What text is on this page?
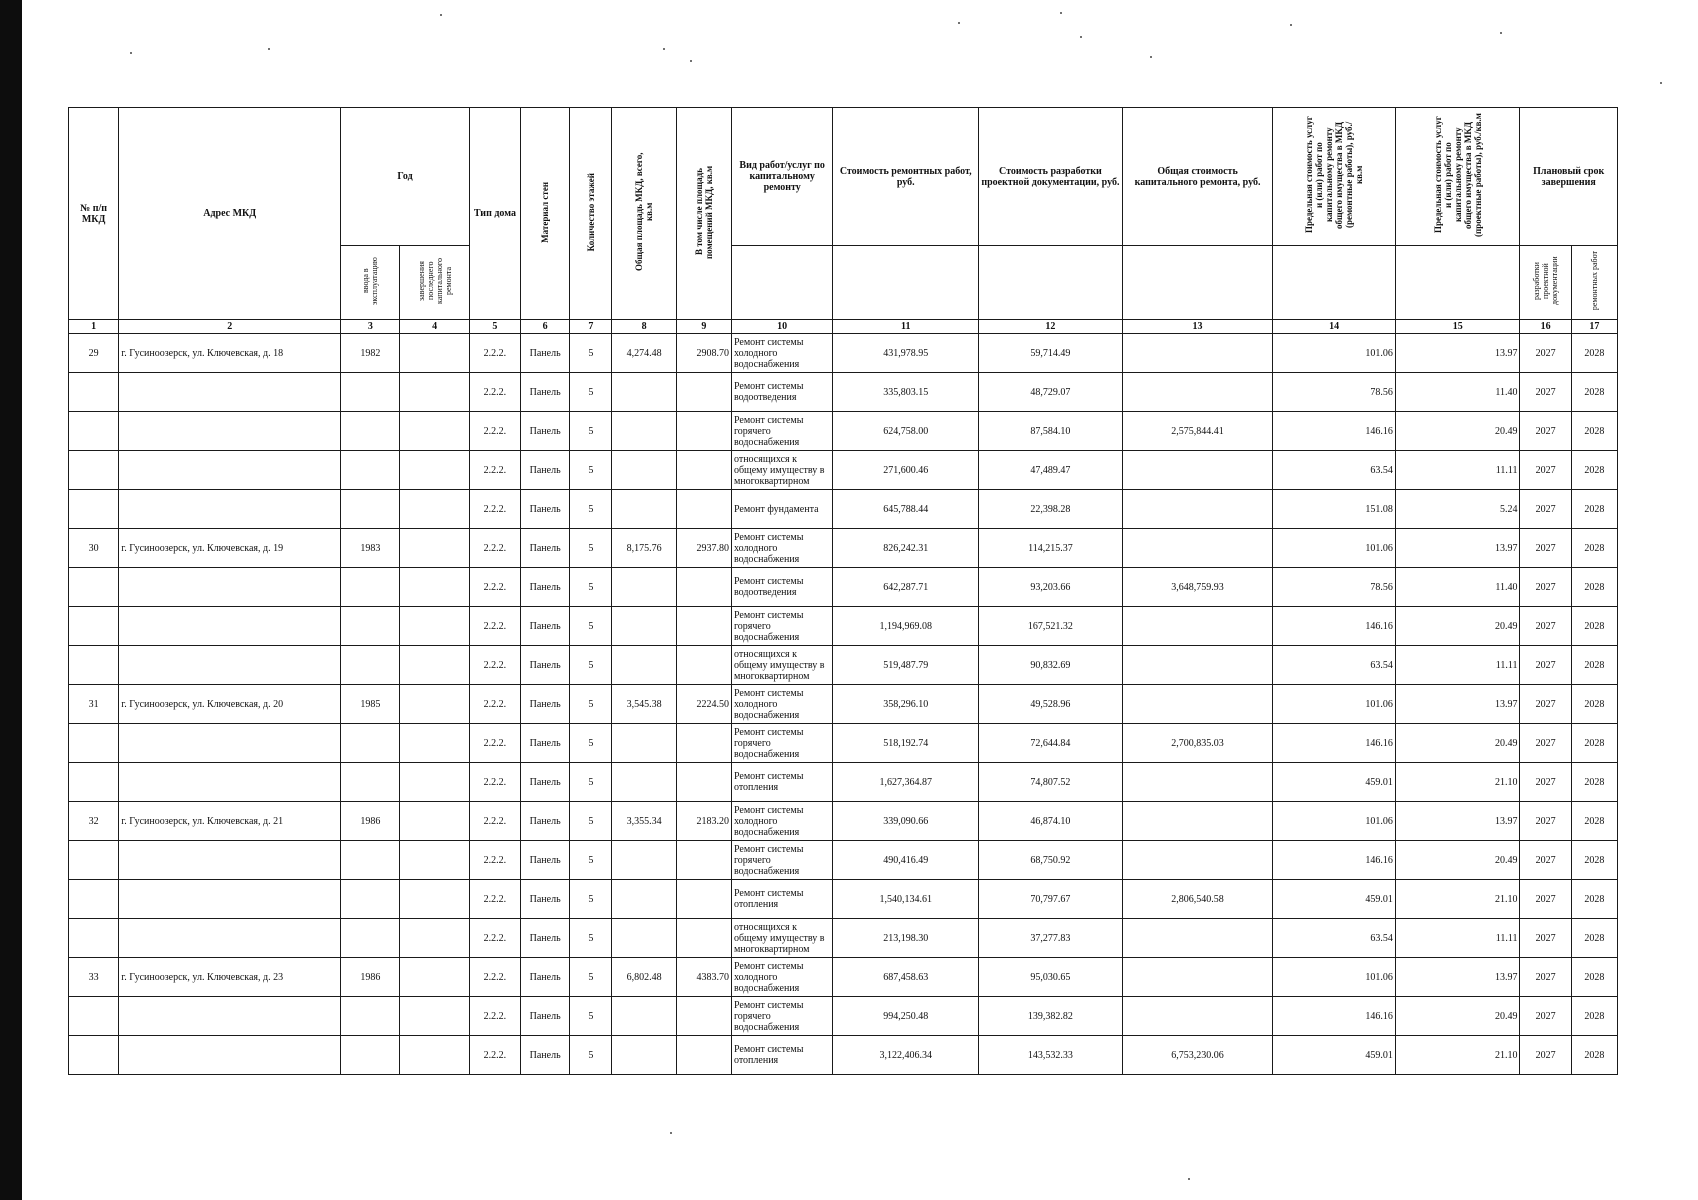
№ п/п МКД	Адрес МКД	Год		Тип дома	Материал стен	Количество этажей	Общая площадь МКД, всего, кв.м	В том числе площадь помещений МКД, кв.м	Вид работ/услуг по капитальному ремонту	Стоимость ремонтных работ, руб.	Стоимость разработки проектной документации, руб.	Общая стоимость капитального ремонта, руб.	Предельная стоимость услуг и (или) работ по капитальному ремонту общего имущества в МКД (ремонтные работы), руб./кв.м	Предельная стоимость услуг и (или) работ по капитальному ремонту общего имущества в МКД (проектные работы), руб./кв.м	Плановый срок завершения	
		ввода в эксплуатацию	завершения последнего капитального ремонта												разработки проектной документации	ремонтных работ
1	2	3	4	5	6	7	8	9	10	11	12	13	14	15	16	17
29	г. Гусиноозерск, ул. Ключевская, д. 18	1982		2.2.2.	Панель	5	4,274.48	2908.70	Ремонт системы холодного водоснабжения	431,978.95	59,714.49		101.06	13.97	2027	2028
				2.2.2.	Панель	5			Ремонт системы водоотведения	335,803.15	48,729.07		78.56	11.40	2027	2028
				2.2.2.	Панель	5			Ремонт системы горячего водоснабжения	624,758.00	87,584.10	2,575,844.41	146.16	20.49	2027	2028
				2.2.2.	Панель	5			относящихся к общему имуществу в многоквартирном	271,600.46	47,489.47		63.54	11.11	2027	2028
				2.2.2.	Панель	5			Ремонт фундамента	645,788.44	22,398.28		151.08	5.24	2027	2028
30	г. Гусиноозерск, ул. Ключевская, д. 19	1983		2.2.2.	Панель	5	8,175.76	2937.80	Ремонт системы холодного водоснабжения	826,242.31	114,215.37		101.06	13.97	2027	2028
				2.2.2.	Панель	5			Ремонт системы водоотведения	642,287.71	93,203.66	3,648,759.93	78.56	11.40	2027	2028
				2.2.2.	Панель	5			Ремонт системы горячего водоснабжения	1,194,969.08	167,521.32		146.16	20.49	2027	2028
				2.2.2.	Панель	5			относящихся к общему имуществу в многоквартирном	519,487.79	90,832.69		63.54	11.11	2027	2028
31	г. Гусиноозерск, ул. Ключевская, д. 20	1985		2.2.2.	Панель	5	3,545.38	2224.50	Ремонт системы холодного водоснабжения	358,296.10	49,528.96		101.06	13.97	2027	2028
				2.2.2.	Панель	5			Ремонт системы горячего водоснабжения	518,192.74	72,644.84	2,700,835.03	146.16	20.49	2027	2028
				2.2.2.	Панель	5			Ремонт системы отопления	1,627,364.87	74,807.52		459.01	21.10	2027	2028
32	г. Гусиноозерск, ул. Ключевская, д. 21	1986		2.2.2.	Панель	5	3,355.34	2183.20	Ремонт системы холодного водоснабжения	339,090.66	46,874.10		101.06	13.97	2027	2028
				2.2.2.	Панель	5			Ремонт системы горячего водоснабжения	490,416.49	68,750.92		146.16	20.49	2027	2028
				2.2.2.	Панель	5			Ремонт системы отопления	1,540,134.61	70,797.67	2,806,540.58	459.01	21.10	2027	2028
				2.2.2.	Панель	5			относящихся к общему имуществу в многоквартирном	213,198.30	37,277.83		63.54	11.11	2027	2028
33	г. Гусиноозерск, ул. Ключевская, д. 23	1986		2.2.2.	Панель	5	6,802.48	4383.70	Ремонт системы холодного водоснабжения	687,458.63	95,030.65		101.06	13.97	2027	2028
				2.2.2.	Панель	5			Ремонт системы горячего водоснабжения	994,250.48	139,382.82		146.16	20.49	2027	2028
				2.2.2.	Панель	5			Ремонт системы отопления	3,122,406.34	143,532.33	6,753,230.06	459.01	21.10	2027	2028
